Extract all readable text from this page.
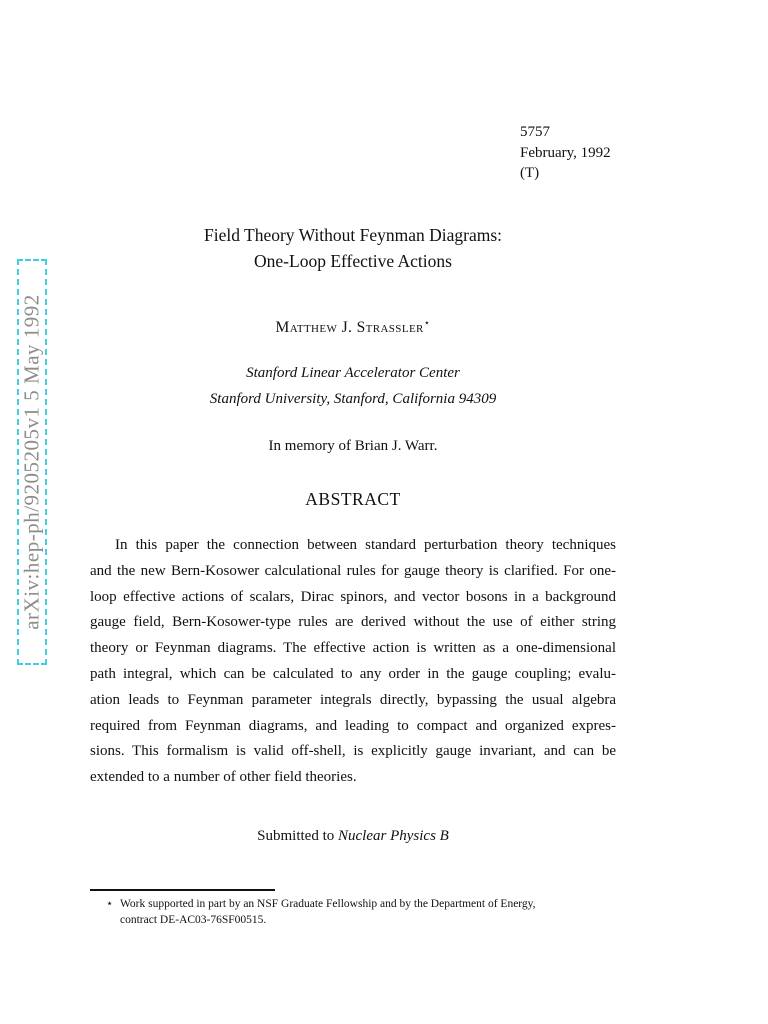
5757
February, 1992
(T)
Field Theory Without Feynman Diagrams:
One-Loop Effective Actions
Matthew J. Strassler⋆
Stanford Linear Accelerator Center
Stanford University, Stanford, California 94309
In memory of Brian J. Warr.
ABSTRACT

In this paper the connection between standard perturbation theory techniques
and the new Bern-Kosower calculational rules for gauge theory is clarified. For one-
loop effective actions of scalars, Dirac spinors, and vector bosons in a background
gauge field, Bern-Kosower-type rules are derived without the use of either string
theory or Feynman diagrams. The effective action is written as a one-dimensional
path integral, which can be calculated to any order in the gauge coupling; evalu-
ation leads to Feynman parameter integrals directly, bypassing the usual algebra
required from Feynman diagrams, and leading to compact and organized expres-
sions. This formalism is valid off-shell, is explicitly gauge invariant, and can be
extended to a number of other field theories.

Submitted to Nuclear Physics B
⋆ Work supported in part by an NSF Graduate Fellowship and by the Department of Energy,
contract DE-AC03-76SF00515.
arXiv:hep-ph/9205205v1 5 May 1992
